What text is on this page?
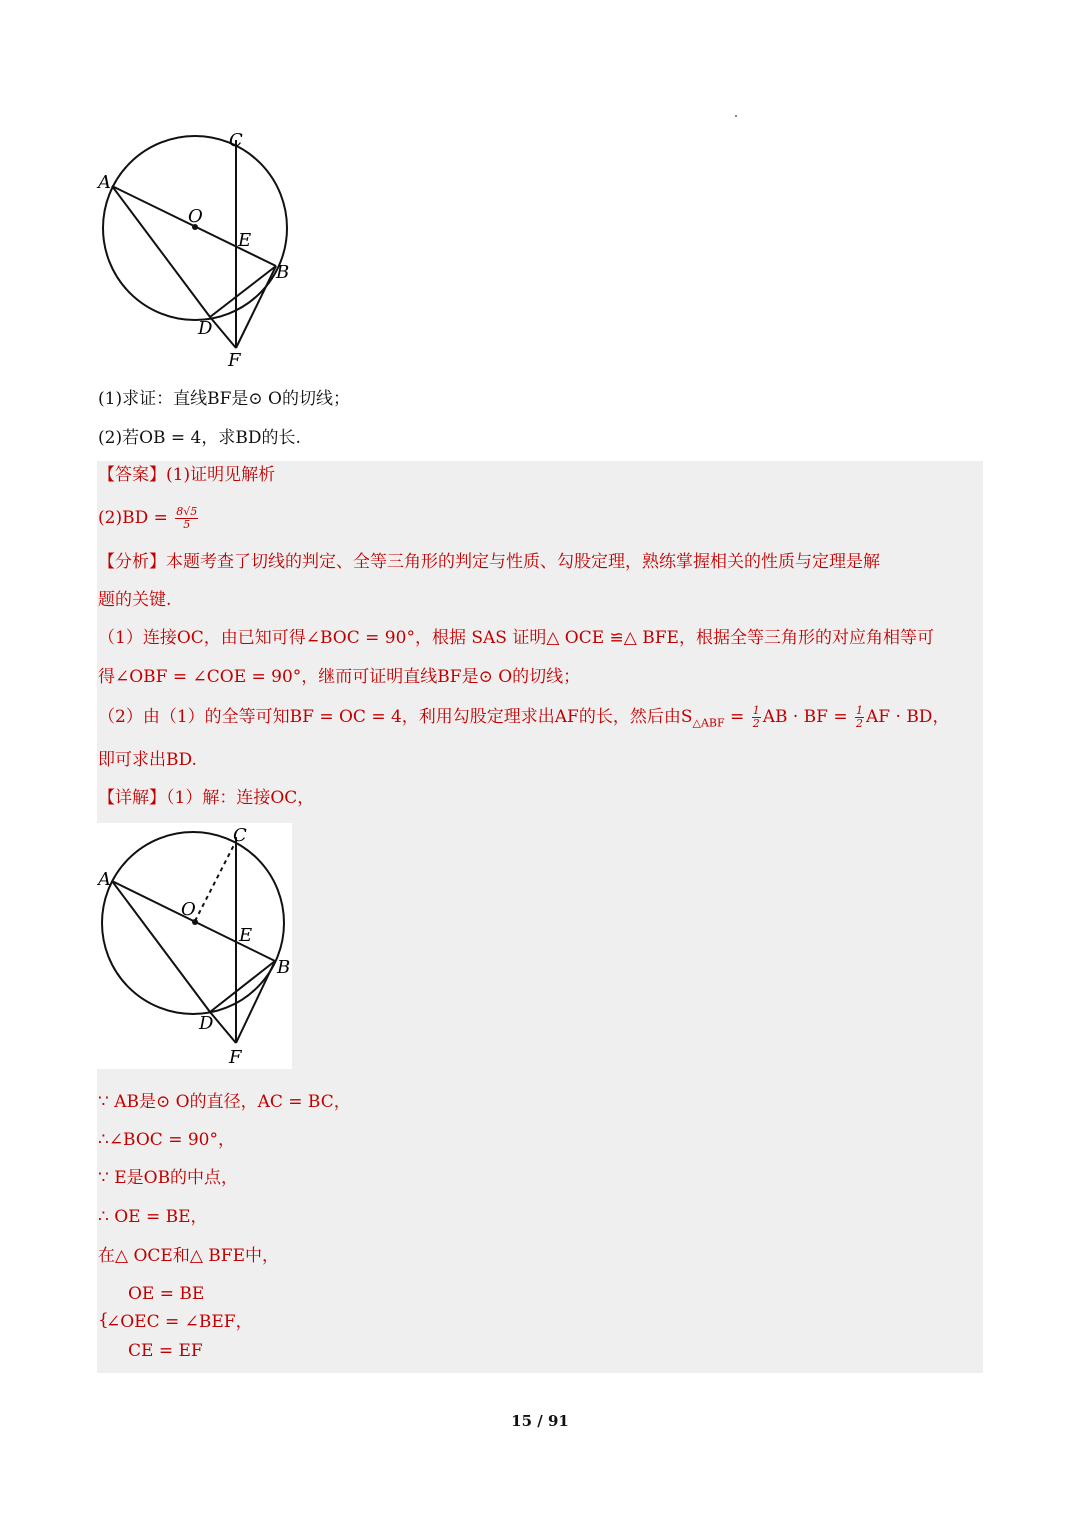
C
A
O
E
B
D
F
(1)求证：直线BF是⊙ O的切线；
(2)若OB = 4，求BD的长.
【答案】(1)证明见解析
$(2)BD = \frac{8√5}{5}$
【分析】本题考查了切线的判定、全等三角形的判定与性质、勾股定理，熟练掌握相关的性质与定理是解
题的关键.
（1）连接OC，由已知可得∠BOC = 90°，根据 SAS 证明△ OCE ≌△ BFE，根据全等三角形的对应角相等可
得∠OBF = ∠COE = 90°，继而可证明直线BF是⊙ O的切线；
（2）由（1）的全等可知BF = OC = 4，利用勾股定理求出AF的长，然后由$S_{\triangle ABF} = \frac{1}{2}$ AB · BF = $\frac{1}{2}$ AF · BD，
即可求出BD.
【详解】（1）解：连接OC，
C
A
O
E
B
D
F
∵ AB是⊙ O的直径，AC = BC，
∴∠BOC = 90°，
∵ E是OB的中点，
∴ OE = BE，
在△ OCE和△ BFE中，
{
OE = BE
∠OEC = ∠BEF，
CE = EF
15 / 91
